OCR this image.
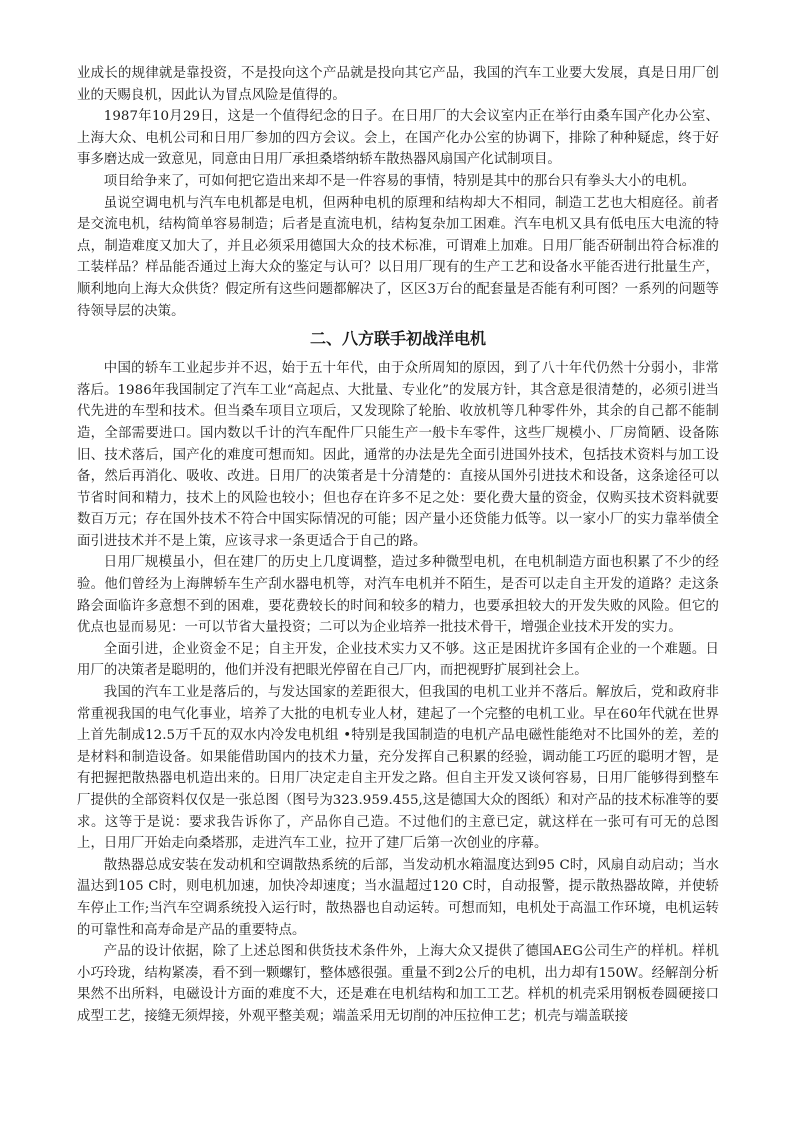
业成长的规律就是靠投资，不是投向这个产品就是投向其它产品，我国的汽车工业要大发展，真是日用厂创业的天赐良机，因此认为冒点风险是值得的。

1987年10月29日，这是一个值得纪念的日子。在日用厂的大会议室内正在举行由桑车国产化办公室、上海大众、电机公司和日用厂参加的四方会议。会上，在国产化办公室的协调下，排除了种种疑虑，终于好事多磨达成一致意见，同意由日用厂承担桑塔纳轿车散热器风扇国产化试制项目。

项目给争来了，可如何把它造出来却不是一件容易的事情，特别是其中的那台只有拳头大小的电机。

虽说空调电机与汽车电机都是电机，但两种电机的原理和结构却大不相同，制造工艺也大相庭径。前者是交流电机，结构简单容易制造；后者是直流电机，结构复杂加工困难。汽车电机又具有低电压大电流的特点，制造难度又加大了，并且必须采用德国大众的技术标准，可谓难上加难。日用厂能否研制出符合标准的工装样品？样品能否通过上海大众的鉴定与认可？以日用厂现有的生产工艺和设备水平能否进行批量生产，顺利地向上海大众供货？假定所有这些问题都解决了，区区3万台的配套量是否能有利可图？一系列的问题等待领导层的决策。

二、八方联手初战洋电机

中国的轿车工业起步并不迟，始于五十年代，由于众所周知的原因，到了八十年代仍然十分弱小，非常落后。1986年我国制定了汽车工业“高起点、大批量、专业化”的发展方针，其含意是很清楚的，必须引进当代先进的车型和技术。但当桑车项目立项后，又发现除了轮胎、收放机等几种零件外，其余的自己都不能制造，全部需要进口。国内数以千计的汽车配件厂只能生产一般卡车零件，这些厂规模小、厂房简陋、设备陈旧、技术落后，国产化的难度可想而知。因此，通常的办法是先全面引进国外技术，包括技术资料与加工设备，然后再消化、吸收、改进。日用厂的决策者是十分清楚的：直接从国外引进技术和设备，这条途径可以节省时间和精力，技术上的风险也较小；但也存在许多不足之处：要化费大量的资金，仅购买技术资料就要数百万元；存在国外技术不符合中国实际情况的可能；因产量小还贷能力低等。以一家小厂的实力靠举债全面引进技术并不是上策，应该寻求一条更适合于自己的路。

日用厂规模虽小，但在建厂的历史上几度调整，造过多种微型电机，在电机制造方面也积累了不少的经验。他们曾经为上海牌轿车生产刮水器电机等，对汽车电机并不陌生，是否可以走自主开发的道路？走这条路会面临许多意想不到的困难，要花费较长的时间和较多的精力，也要承担较大的开发失败的风险。但它的优点也显而易见：一可以节省大量投资；二可以为企业培养一批技术骨干，增强企业技术开发的实力。

全面引进，企业资金不足；自主开发，企业技术实力又不够。这正是困扰许多国有企业的一个难题。日用厂的决策者是聪明的，他们并没有把眼光停留在自己厂内，而把视野扩展到社会上。

我国的汽车工业是落后的，与发达国家的差距很大，但我国的电机工业并不落后。解放后，党和政府非常重视我国的电气化事业，培养了大批的电机专业人材，建起了一个完整的电机工业。早在60年代就在世界上首先制成12.5万千瓦的双水内冷发电机组 •特别是我国制造的电机产品电磁性能绝对不比国外的差，差的是材料和制造设备。如果能借助国内的技术力量，充分发挥自己积累的经验，调动能工巧匠的聪明才智，是有把握把散热器电机造出来的。日用厂决定走自主开发之路。但自主开发又谈何容易，日用厂能够得到整车厂提供的全部资料仅仅是一张总图（图号为323.959.455,这是德国大众的图纸）和对产品的技术标准等的要求。这等于是说：要求我告诉你了，产品你自己造。不过他们的主意已定，就这样在一张可有可无的总图上，日用厂开始走向桑塔那，走进汽车工业，拉开了建厂后第一次创业的序幕。

散热器总成安装在发动机和空调散热系统的后部，当发动机水箱温度达到95 C时，风扇自动启动；当水温达到105 C时，则电机加速，加快冷却速度；当水温超过120 C时，自动报警，提示散热器故障，并使轿车停止工作;当汽车空调系统投入运行时，散热器也自动运转。可想而知，电机处于高温工作环境，电机运转的可靠性和高寿命是产品的重要特点。

产品的设计依据，除了上述总图和供货技术条件外，上海大众又提供了德国AEG公司生产的样机。样机小巧玲珑，结构紧凑，看不到一颗螺钉，整体感很强。重量不到2公斤的电机，出力却有150W。经解剖分析果然不出所料，电磁设计方面的难度不大，还是难在电机结构和加工工艺。样机的机壳采用钢板卷圆硬接口成型工艺，接缝无须焊接，外观平整美观；端盖采用无切削的冲压拉伸工艺；机壳与端盖联接
